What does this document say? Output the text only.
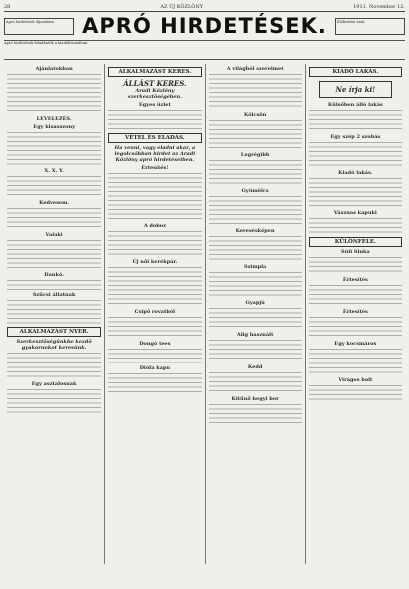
28	AZ ÚJ KÖZLÖNY	1911. November 12.
Apró hirdetések díjszabása	APRÓ HIRDETÉSEK.	Előfizetési árak
Apró hirdetések feladhatók a kiadóhivatalban.
Ajánlatokban
LEVELEZÉS.
Egy kisasszony
X. X. Y.
Kedvesem.
Valaki
Dankó.
Szűcsi állatnak
ALKALMAZÁST NYER.
Szerkesztőségünkbe kezdő gyakornokot keresünk.
Egy asztalosnak
ALKALMAZÁST KERES.
ÁLLÁST KERES.
Aradi Közlöny szerkesztőségében.
Egyes üzlet
VÉTEL ÉS ELADÁS.
Ha venni, vagy eladni akar, a legolcsóbban hirdet az Aradi Közlöny apró hirdetéseiben.
Értesítés!
A doboz
Új női kerékpár.
Csipő rovatból
Dongó tees
Diófa kapu
A világból szerelmet
Kölcsön
Legrégibb
Gyümölcs
Keresésképen
Szimpla
Gyapjú
Alig használt
Kedd
Kitűnő hegyi bor
KIADÓ LAKÁS.
Ne írja ki!
Külsőben álló lakás
Egy szép 2 szobás
Kiadó lakás.
Vásznas kapuki
KÜLÖNFÉLE.
Súli Sinka
Értesítés
Értesítés
Egy kocsmáros
Virágos bolt
